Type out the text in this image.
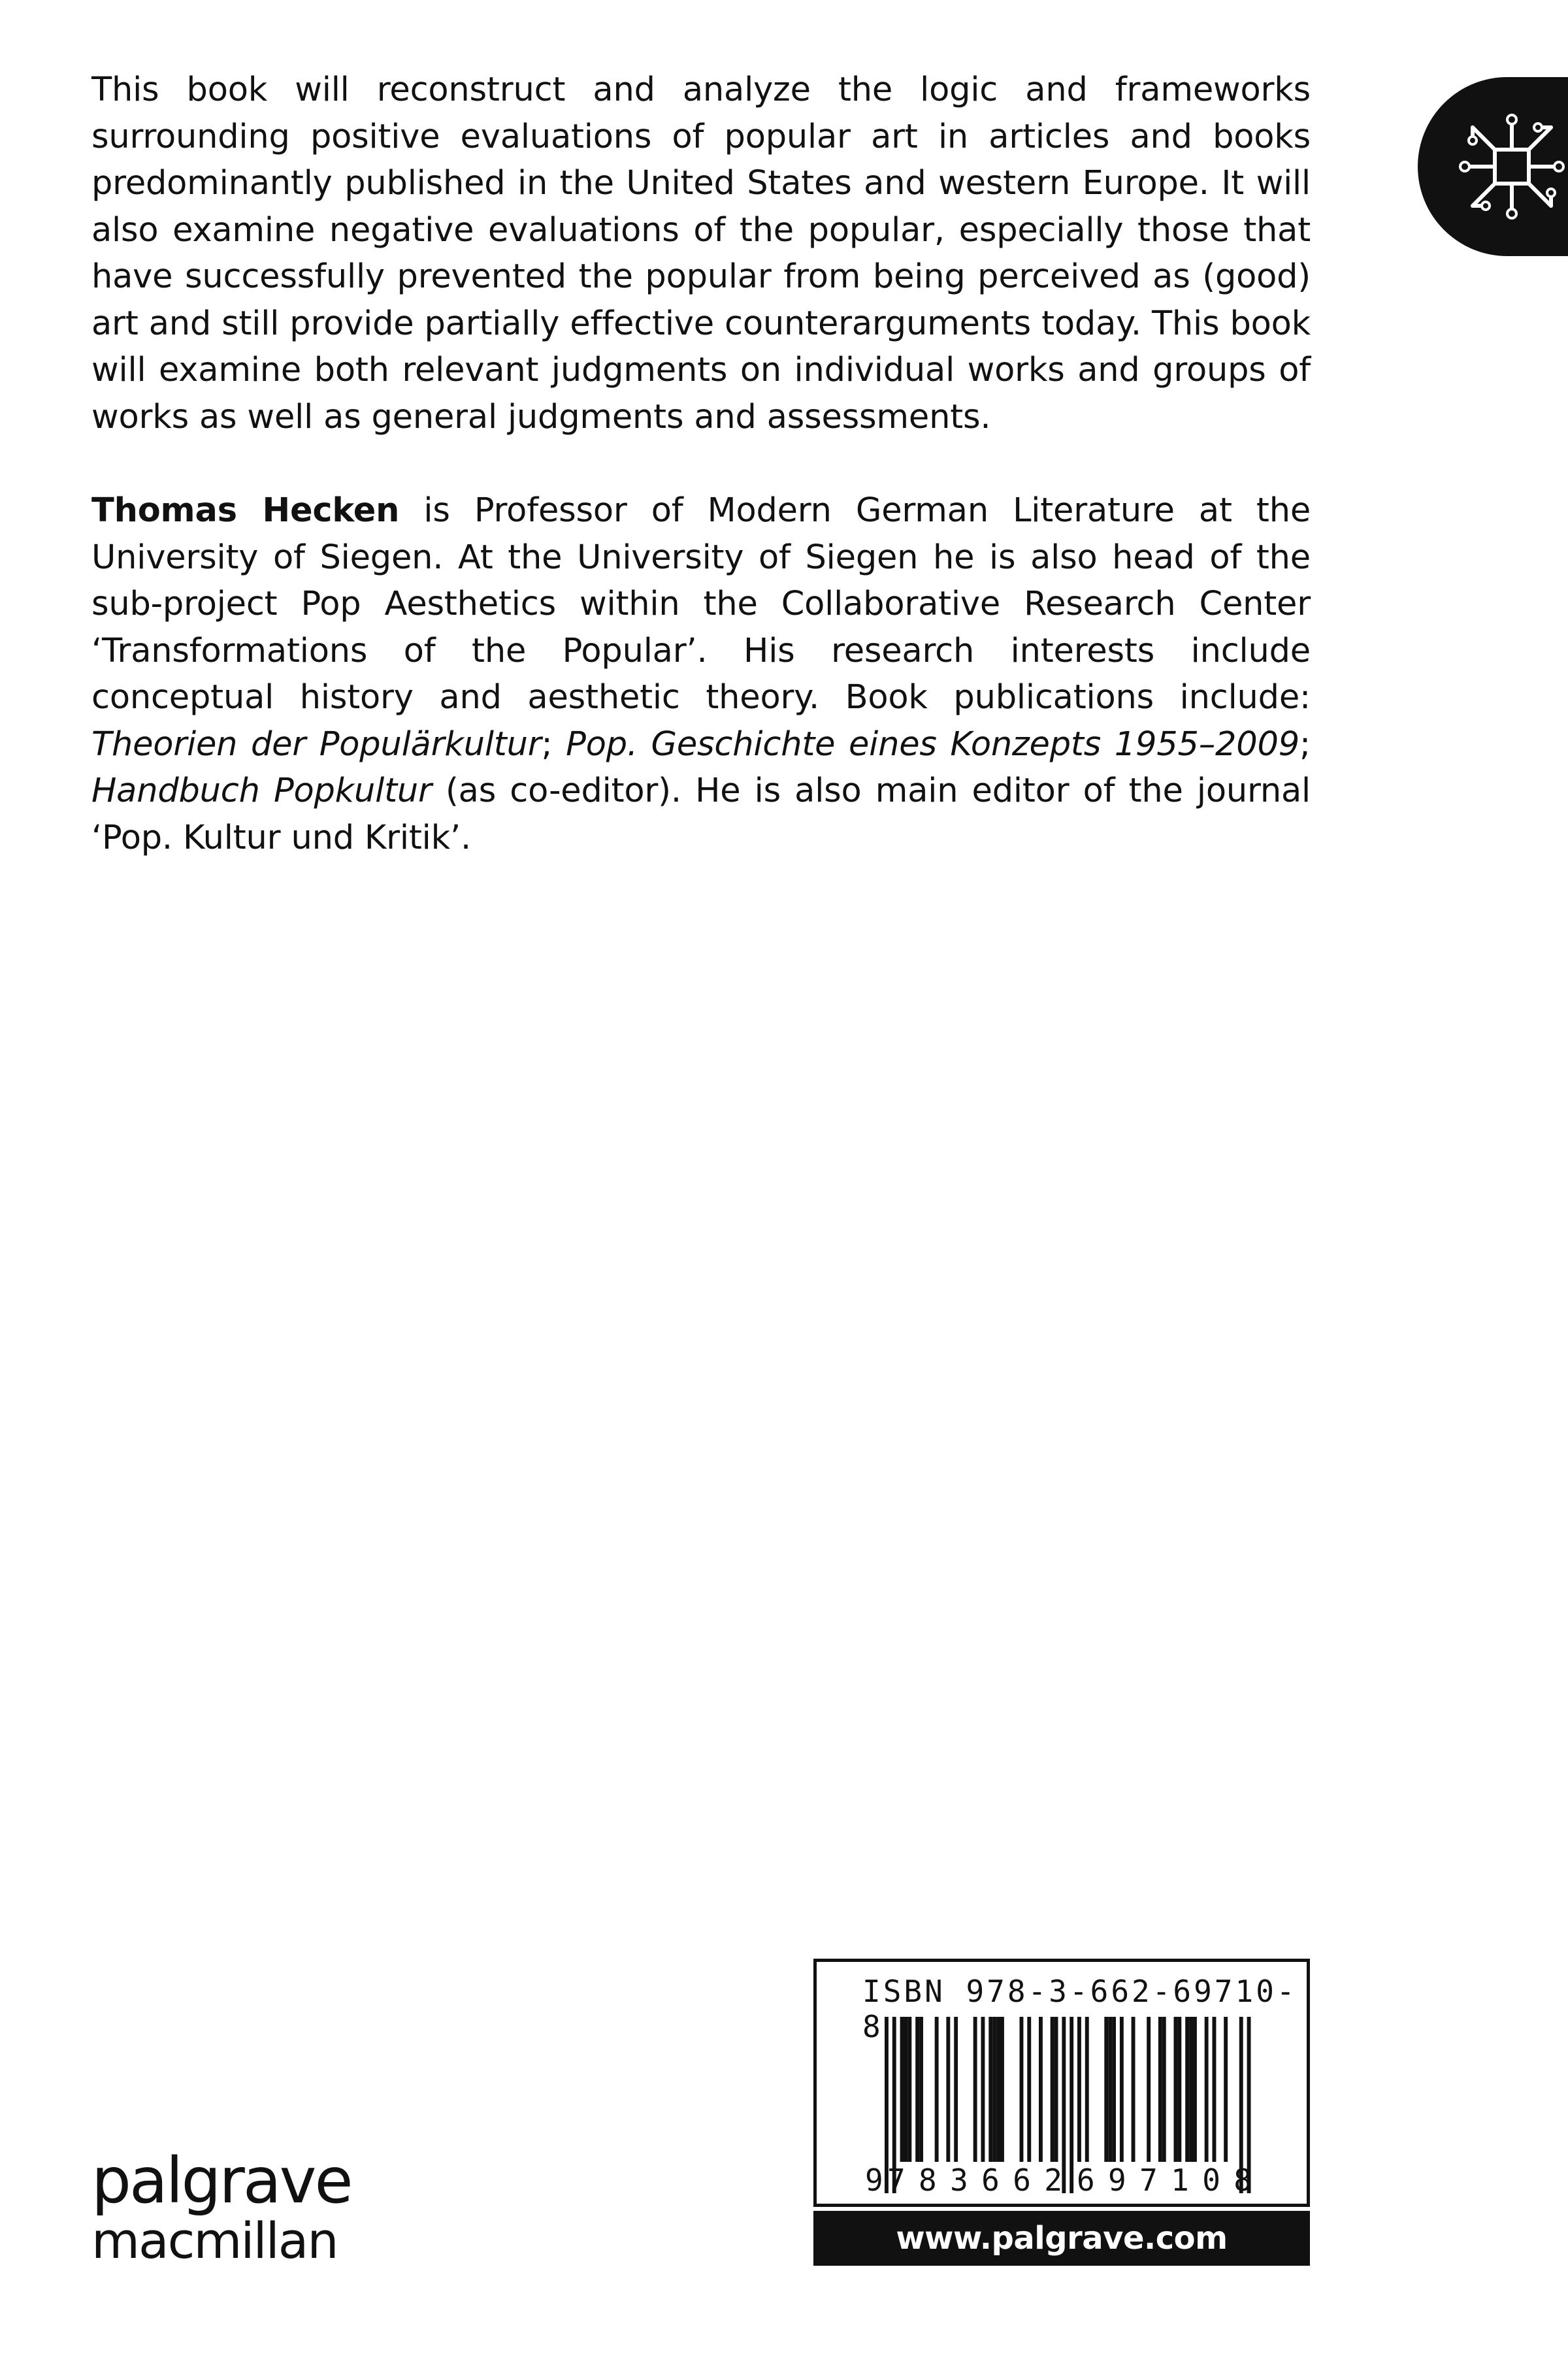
This book will reconstruct and analyze the logic and frameworks surrounding positive evaluations of popular art in articles and books predominantly published in the United States and western Europe. It will also examine negative evaluations of the popular, especially those that have successfully prevented the popular from being perceived as (good) art and still provide partially effective counterarguments today. This book will examine both relevant judgments on individual works and groups of works as well as general judgments and assessments.
Thomas Hecken is Professor of Modern German Literature at the University of Siegen. At the University of Siegen he is also head of the sub-project Pop Aesthetics within the Collaborative Research Center ‘Transformations of the Popular’. His research interests include conceptual history and aesthetic theory. Book publications include: Theorien der Populärkultur; Pop. Geschichte eines Konzepts 1955–2009; Handbuch Popkultur (as co-editor). He is also main editor of the journal ‘Pop. Kultur und Kritik’.
palgrave
macmillan
ISBN 978-3-662-69710-8
9 783662 697108
www.palgrave.com
